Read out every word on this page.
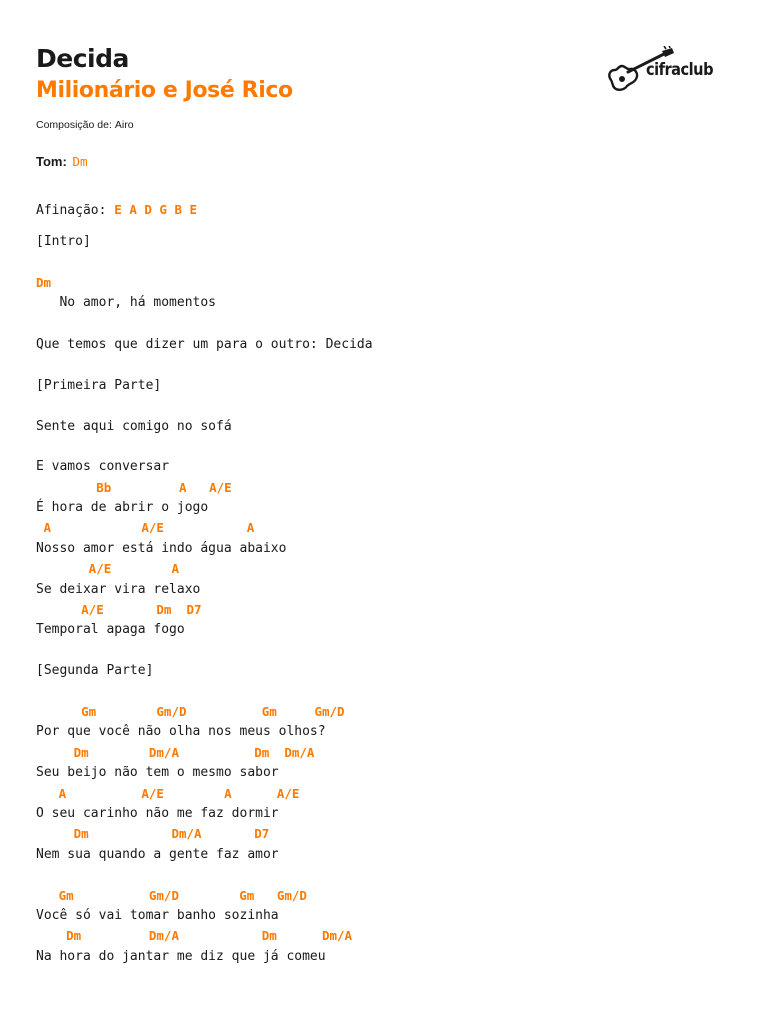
Decida
Milionário e José Rico
Composição de: Airo
cifraclub
Tom: Dm
Afinação: E A D G B E
[Intro]
Dm
No amor, há momentos
Que temos que dizer um para o outro: Decida
[Primeira Parte]
Sente aqui comigo no sofá
E vamos conversar
Bb         A   A/E
É hora de abrir o jogo
A            A/E           A
Nosso amor está indo água abaixo
A/E        A
Se deixar vira relaxo
A/E       Dm  D7
Temporal apaga fogo
[Segunda Parte]
Gm        Gm/D          Gm     Gm/D
Por que você não olha nos meus olhos?
Dm        Dm/A          Dm  Dm/A
Seu beijo não tem o mesmo sabor
A          A/E        A      A/E
O seu carinho não me faz dormir
Dm           Dm/A       D7
Nem sua quando a gente faz amor
Gm          Gm/D        Gm   Gm/D
Você só vai tomar banho sozinha
Dm         Dm/A           Dm      Dm/A
Na hora do jantar me diz que já comeu
